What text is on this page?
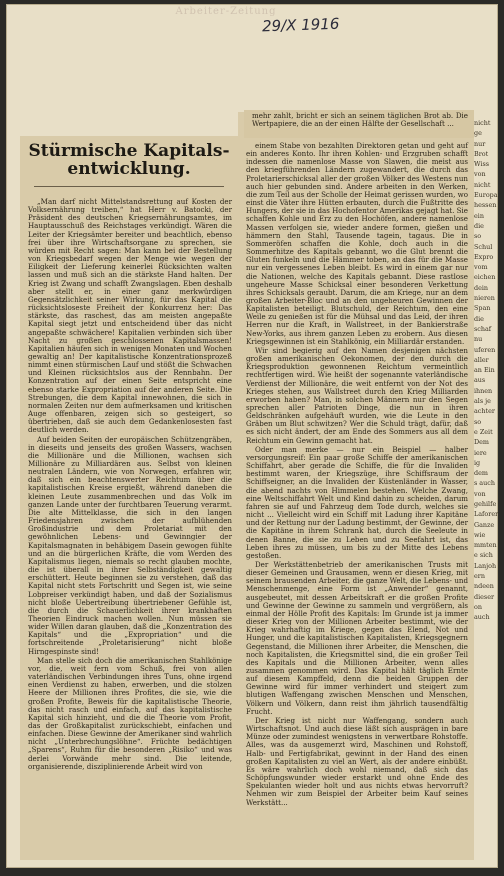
Arbeiter-Zeitung
29/X 1916

einem Stabe von bezahlten Direktoren getan und geht auf ein anderes Konto. Ihr ihren Kohlen- und Erzgruben schafft indessen die namenlose Masse von Slawen, die meist aus den kriegführenden Ländern zugewandert, die durch das Proletarierschicksal aller der großen Völker des Westens nun auch hier gebunden sind. Andere arbeiten in den Werken, die zum Teil aus der Scholle der Heimat gerissen wurden, wo einst die Väter ihre Hütten erbauten, durch die Fußtritte des Hungers, der sie in das Hochofentor Amerikas gejagt hat. Sie schaffen Kohle und Erz zu den Hochöfen, andere namenlose Massen verfolgen sie, wieder andere formen, gießen und hämmern den Stahl, Tausende tagein, tagaus. Die in Sommeröfen schaffen die Kohle, doch auch in die Sommerhitze des Kapitals gebannt, wo die Glut brennt die Gluten funkeln und die Hämmer toben, an das für die Masse nur ein vergessenes Leben bleibt. Es wird in einem gar nur die Nationen, welche des Kapitals gebannt. Diese rastlose ungeheure Masse Schicksal einer besonderen Verkettung ihres Schicksals geraubt. Darum, die am Kriege, nur an dem großen Arbeiter-Bloc und an den ungeheuren Gewinnen der Kapitalisten beteiligt. Blutschuld, der Reichtum, den eine Weile zu genießen ist für die Mühsal und das Leid, der ihren Herren nur die Kraft, in Wallstreet, in der Bankierstraße New-Yorks, aus ihrem ganzen Leben zu erobern. Aus diesen Kriegsgewinnen ist ein Stahlkönig, ein Milliardär erstanden.

Wir sind begierig auf den Namen desjenigen nächsten großen amerikanischen Oekonomen, der den durch die Kriegsproduktion gewonnenen Reichtum vermeintlich rechtfertigen wird. Wie heißt der sogenannte vaterländische Verdienst der Millionäre, die weit entfernt von der Not des Krieges stehen, aus Wallstreet durch den Krieg Milliarden erworben haben? Man, in solchen Männern nur den Segen sprechen aller Patrioten Dinge, die nun in ihren Geldschränken aufgehäuft wurden, wie die Leute in den Gräben um Blut schwitzen? Wer die Schuld trägt, dafür, daß es sich nicht ändert, der am Ende des Sommers aus all dem Reichtum ein Gewinn gemacht hat.

Oder man merke — nur ein Beispiel — halber versorgungsreif: Ein paar große Schiffe der amerikanischen Schiffahrt, aber gerade die Schiffe, die für die Invaliden bestimmt waren, der Kriegszüge, ihre Schiffsraum der Schiffseigner, an die Invaliden der Küstenländer in Wasser, die abend nachts von Himmelen bestehen. Welche Zwang, eine Weltschiffahrt Welt und Kind dahin zu scheiden, darum fahren sie auf und Fahrzeug dem Tode durch, welches sie nicht ... Vielleicht wird ein Schiff mit Ladung ihrer Kapitäne und der Rettung nur der Ladung bestimmt, der Gewinne, der die Kapitäne in ihrem Schrank hat, durch die Seeleute in denen Banne, die sie zu Leben und zu Seefahrt ist, das Leben ihres zu müssen, um bis zu der Mitte des Lebens gestoßen.

Der Werkstättenbetrieb der amerikanischen Trusts mit dieser Gemeinen und Grausamen, wenn er diesen Krieg, mit seinem brausenden Arbeiter, die ganze Welt, die Lebens- und Menschenmenge, eine Form ist „Anwender“ genannt, ausgebeutet, mit dessen Arbeitskraft er die großen Profite und Gewinne der Gewinne zu sammeln und vergrößern, als einmal der Hölle Profit des Kapitals: Im Grunde ist ja immer dieser Krieg von der Millionen Arbeiter bestimmt, wie der Krieg wahrhaftig im Kriege, gegen das Elend, Not und Hunger, und die kapitalistischen Kapitalisten, Kriegsgegnern Gegenstand, die Millionen ihrer Arbeiter, die Menschen, die noch Kapitalisten, die Kriegsmittel sind, die ein großer Teil des Kapitals und die Millionen Arbeiter, wenn alles zusammen genommen wird. Das Kapital hält täglich Ernte auf diesem Kampffeld, denn die beiden Gruppen der Gewinne wird für immer verhindert und steigert zum blutigen Waffengang zwischen Menschen und Menschen, Völkern und Völkern, dann reist ihm jährlich tausendfältig Frucht.

Der Krieg ist nicht nur Waffengang, sondern auch Wirtschaftsnot. Und auch diese läßt sich ausprägen in bare Münze oder zumindest wenigstens in verwertbare Rohstoffe. Alles, was da ausgemerzt wird, Maschinen und Rohstoff, Halb- und Fertigfabrikat, gewinnt in der Hand des einen großen Kapitalisten zu viel an Wert, als der andere einbüßt. Es wäre wahrlich doch wohl niemand, daß sich das Schöpfungswunder wieder erstarkt und ohne Ende des Spekulanten wieder holt und aus nichts etwas hervorruft? Nehmen wir zum Beispiel der Arbeiter beim Kauf seines Werkstätt...

mehr zahlt, bricht er sich an seinem täglichen Brot ab. Die Wertpapiere, die an der einen Hälfte der Gesellschaft ...

„Man darf nicht Mittelstandsrettung auf Kosten der Volksernährung treiben,“ hat Herr v. Batocki, der Präsident des deutschen Kriegsernährungsamtes, im Hauptausschuß des Reichstages verkündigt. Wären die Leiter der Kriegsämter bereiter und beachtlich, ebenso frei über ihre Wirtschaftsorgane zu sprechen, sie würden mit Recht sagen: Man kann bei der Bestellung von Kriegsbedarf wegen der Menge wie wegen der Eiligkeit der Lieferung keinerlei Rücksichten walten lassen und muß sich an die stärkste Hand halten. Der Krieg ist Zwang und schafft Zwangslagen. Eben deshalb aber stellt er, in einer ganz merkwürdigen Gegensätzlichkeit seiner Wirkung, für das Kapital die rücksichtsloseste Freiheit der Konkurrenz her: Das stärkste, das raschest, das am meisten angepaßte Kapital siegt jetzt und entscheidend über das nicht angepaßte schwächere! Kapitalien verbinden sich über Nacht zu großen geschlossenen Kapitalsmassen! Kapitalien häufen sich in wenigen Monaten und Wochen gewaltig an! Der kapitalistische Konzentrationsprozeß nimmt einen stürmischen Lauf und stößt die Schwachen und Kleinen rücksichtslos aus der Rennbahn. Der Konzentration auf der einen Seite entspricht eine ebenso starke Expropriation auf der anderen Seite. Die Strebungen, die dem Kapital innewohnen, die sich in normalen Zeiten nur dem aufmerksamen und kritischen Auge offenbaren, zeigen sich so gesteigert, so übertrieben, daß sie auch dem Gedankenlosesten fast deutlich werden.

Auf beiden Seiten der europäischen Schützengräben, in dieseits und jenseits des großen Wassers, wachsen die Millionäre und die Millionen, wachsen sich Millionäre zu Milliardären aus. Selbst von kleinen neutralen Ländern, wie von Norwegen, erfahren wir, daß sich ein beachtenswerter Reichtum über die kapitalistischen Kreise ergießt, während daneben die kleinen Leute zusammenbrechen und das Volk im ganzen Lande unter der furchtbaren Teuerung verarmt. Die alte Mittelklasse, die sich in den langen Friedensjahren zwischen der aufblühenden Großindustrie und dem Proletariat mit den gewöhnlichen Lebens- und Gewinngier der Kapitalsmagnaten in behäbigem Dasein gewogen fühlte und an die bürgerlichen Kräfte, die vom Werden des Kapitalismus liegen, niemals so recht glauben mochte, die ist überall in ihrer Selbständigkeit gewaltig erschüttert. Heute beginnen sie zu verstehen, daß das Kapital nicht stets Fortschritt und Segen ist, wie seine Lobpreiser verkündigt haben, und daß der Sozialismus nicht bloße Uebertreibung übertriebener Gefühle ist, die durch die Schauerlichkeit ihrer krankhaften Theorien Eindruck machen wollen. Nun müssen sie wider Willen daran glauben, daß die „Konzentration des Kapitals“ und die „Expropriation“ und die fortschreitende „Proletarisierung“ nicht bloße Hirngespinste sind!

Man stelle sich doch die amerikanischen Stahlkönige vor, die, weit fern vom Schuß, frei von allen vaterländischen Verbindungen ihres Tuns, ohne irgend einen Verdienst zu haben, erwerben, und die stolzen Heere der Millionen ihres Profites, die sie, wie die großen Profite, Beweis für die kapitalistische Theorie, das nicht rasch und einfach, auf das kapitalistische Kapital sich hinzieht, und die die Theorie vom Profit, das der Großkapitalist zurückschiebt, einfachen und einfachen. Diese Gewinne der Amerikaner sind wahrlich nicht „Unterbrechungslöhne“. Früchte bedächtigen „Sparens“, Ruhm für die besonderen „Risiko“ und was derlei Vorwände mehr sind. Die leitende, organisierende, disziplinierende Arbeit wird von

Stürmische Kapitals-entwicklung.
nicht
ge
nur
Brot
Wiss
von
nicht
Europa
hessen
ein
die
so
Schul
Expro
vom
eichen
dein
nieren
Span
die
schaf
nu
uferen
aller
an Ein
aus
ihnen
als je
achter
so
e Zeit
Dem
iere
ig dem
s auch
von
gehilfe
Laforer
Ganze
wie
mmten
e sich
Lanjoh
ern
ndeen
dieser
on auch
